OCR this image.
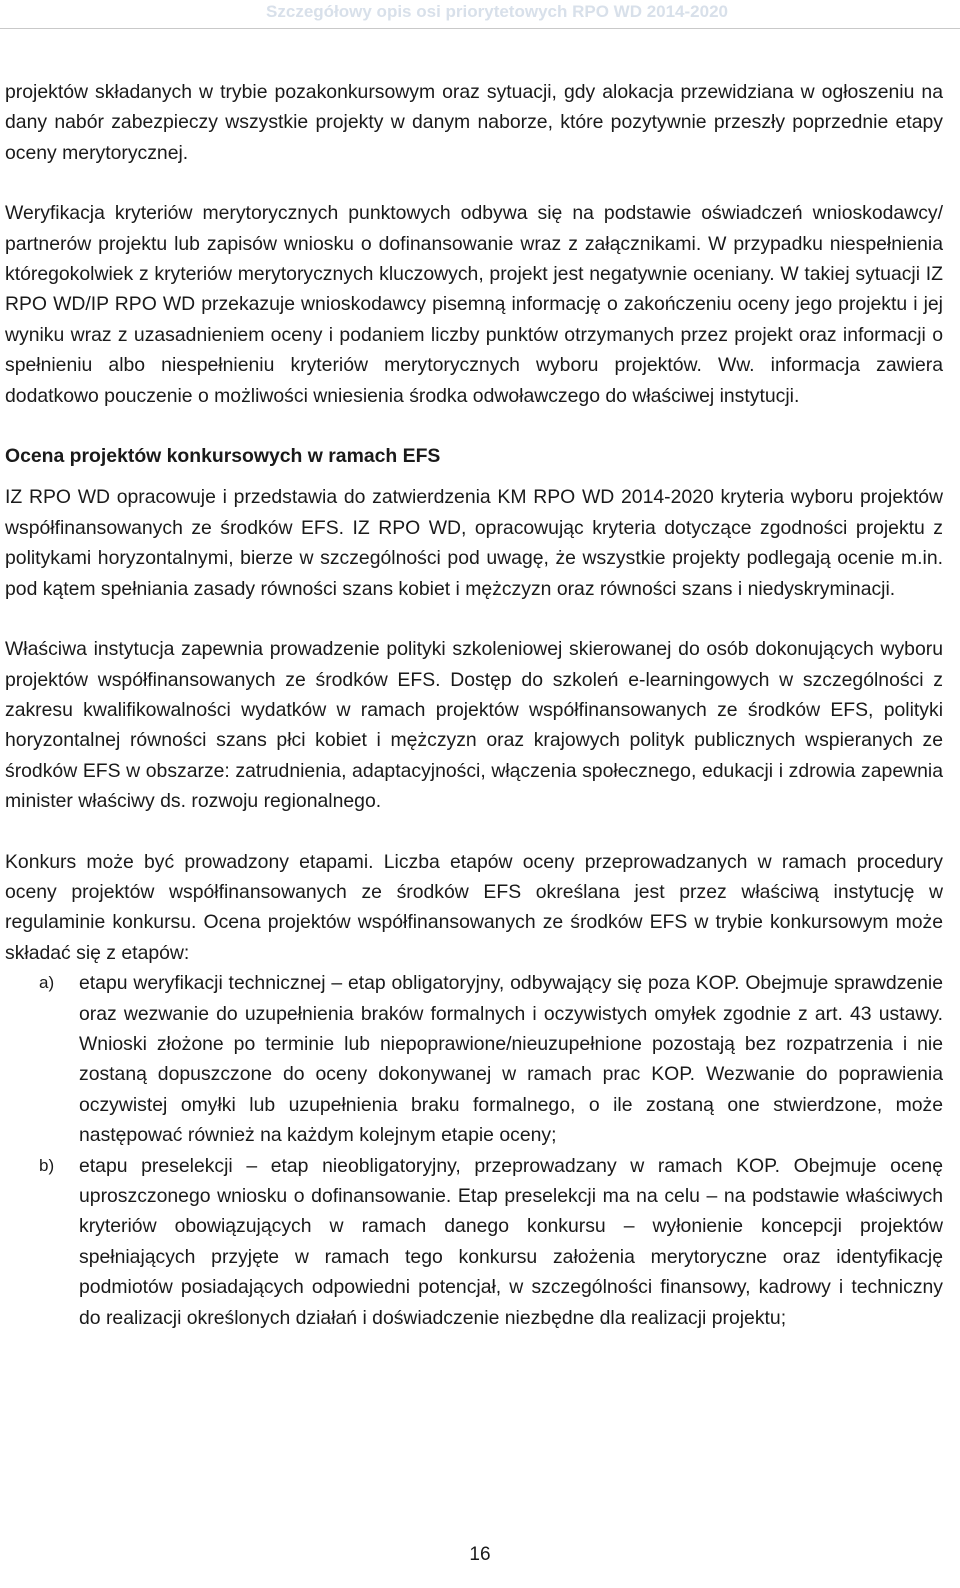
Szczegółowy opis osi priorytetowych RPO WD 2014-2020

projektów składanych w trybie pozakonkursowym oraz sytuacji, gdy alokacja przewidziana w ogłoszeniu na dany nabór zabezpieczy wszystkie projekty w danym naborze, które pozytywnie przeszły poprzednie etapy oceny merytorycznej.

Weryfikacja kryteriów merytorycznych punktowych odbywa się na podstawie oświadczeń wnioskodawcy/ partnerów projektu lub zapisów wniosku o dofinansowanie wraz z załącznikami. W przypadku niespełnienia któregokolwiek z kryteriów merytorycznych kluczowych, projekt jest negatywnie oceniany. W takiej sytuacji IZ RPO WD/IP RPO WD przekazuje wnioskodawcy pisemną informację o zakończeniu oceny jego projektu i jej wyniku wraz z uzasadnieniem oceny i podaniem liczby punktów otrzymanych przez projekt oraz informacji o spełnieniu albo niespełnieniu kryteriów merytorycznych wyboru projektów. Ww. informacja zawiera dodatkowo pouczenie o możliwości wniesienia środka odwoławczego do właściwej instytucji.

Ocena projektów konkursowych w ramach EFS

IZ RPO WD opracowuje i przedstawia do zatwierdzenia KM RPO WD 2014-2020 kryteria wyboru projektów współfinansowanych ze środków EFS. IZ RPO WD, opracowując kryteria dotyczące zgodności projektu z politykami horyzontalnymi, bierze w szczególności pod uwagę, że wszystkie projekty podlegają ocenie m.in. pod kątem spełniania zasady równości szans kobiet i mężczyzn oraz równości szans i niedyskryminacji.

Właściwa instytucja zapewnia prowadzenie polityki szkoleniowej skierowanej do osób dokonujących wyboru projektów współfinansowanych ze środków EFS. Dostęp do szkoleń e-learningowych w szczególności z zakresu kwalifikowalności wydatków w ramach projektów współfinansowanych ze środków EFS, polityki horyzontalnej równości szans płci kobiet i mężczyzn oraz krajowych polityk publicznych wspieranych ze środków EFS w obszarze: zatrudnienia, adaptacyjności, włączenia społecznego, edukacji i zdrowia zapewnia minister właściwy ds. rozwoju regionalnego.

Konkurs może być prowadzony etapami. Liczba etapów oceny przeprowadzanych w ramach procedury oceny projektów współfinansowanych ze środków EFS określana jest przez właściwą instytucję w regulaminie konkursu. Ocena projektów współfinansowanych ze środków EFS w trybie konkursowym może składać się z etapów:

a)	etapu weryfikacji technicznej – etap obligatoryjny, odbywający się poza KOP. Obejmuje sprawdzenie oraz wezwanie do uzupełnienia braków formalnych i oczywistych omyłek zgodnie z art. 43 ustawy. Wnioski złożone po terminie lub niepoprawione/nieuzupełnione pozostają bez rozpatrzenia i nie zostaną dopuszczone do oceny dokonywanej w ramach prac KOP. Wezwanie do poprawienia oczywistej omyłki lub uzupełnienia braku formalnego, o ile zostaną one stwierdzone, może następować również na każdym kolejnym etapie oceny;
b)	etapu preselekcji – etap nieobligatoryjny, przeprowadzany w ramach KOP. Obejmuje ocenę uproszczonego wniosku o dofinansowanie. Etap preselekcji ma na celu – na podstawie właściwych kryteriów obowiązujących w ramach danego konkursu – wyłonienie koncepcji projektów spełniających przyjęte w ramach tego konkursu założenia merytoryczne oraz identyfikację podmiotów posiadających odpowiedni potencjał, w szczególności finansowy, kadrowy i techniczny do realizacji określonych działań i doświadczenie niezbędne dla realizacji projektu;
16
